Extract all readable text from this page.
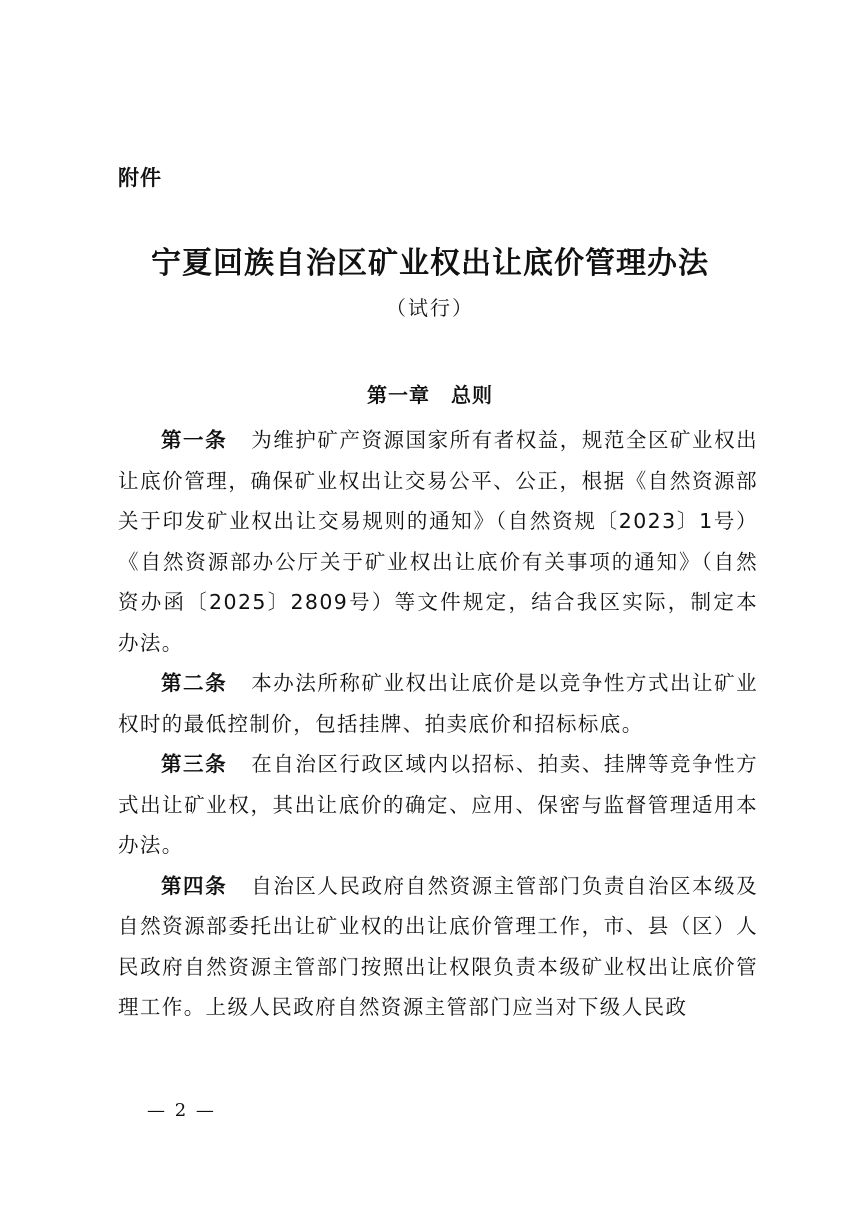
附件
宁夏回族自治区矿业权出让底价管理办法
（试行）
第一章　总则

第一条 为维护矿产资源国家所有者权益，规范全区矿业权出让底价管理，确保矿业权出让交易公平、公正，根据《自然资源部关于印发矿业权出让交易规则的通知》（自然资规〔2023〕1号）《自然资源部办公厅关于矿业权出让底价有关事项的通知》（自然资办函〔2025〕2809号）等文件规定，结合我区实际，制定本办法。

第二条 本办法所称矿业权出让底价是以竞争性方式出让矿业权时的最低控制价，包括挂牌、拍卖底价和招标标底。

第三条 在自治区行政区域内以招标、拍卖、挂牌等竞争性方式出让矿业权，其出让底价的确定、应用、保密与监督管理适用本办法。

第四条 自治区人民政府自然资源主管部门负责自治区本级及自然资源部委托出让矿业权的出让底价管理工作，市、县（区）人民政府自然资源主管部门按照出让权限负责本级矿业权出让底价管理工作。上级人民政府自然资源主管部门应当对下级人民政

— 2 —
